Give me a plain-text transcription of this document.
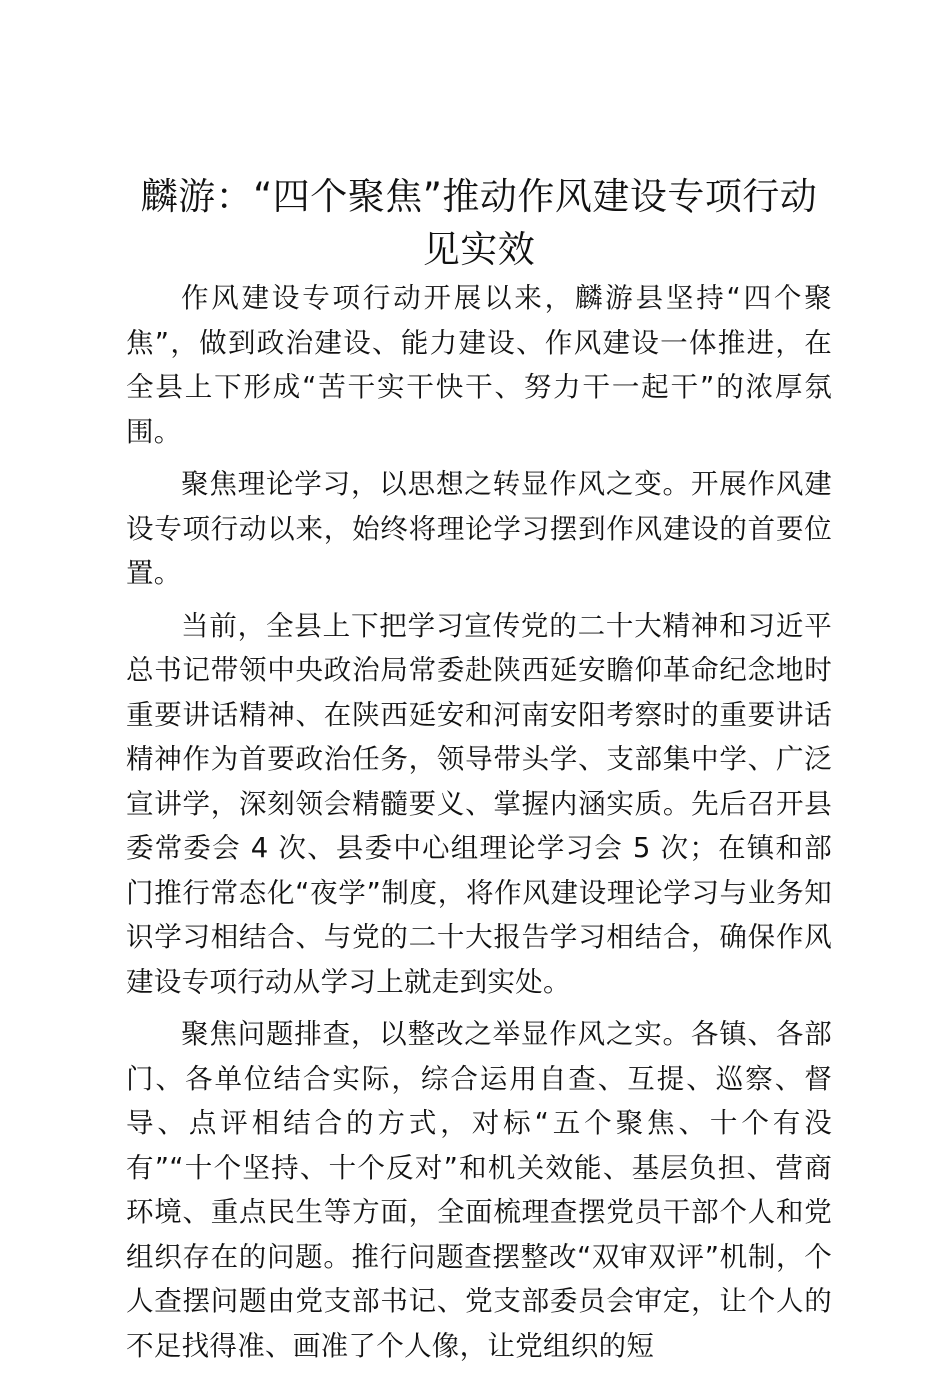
麟游：“四个聚焦”推动作风建设专项行动见实效

作风建设专项行动开展以来，麟游县坚持“四个聚焦”，做到政治建设、能力建设、作风建设一体推进，在全县上下形成“苦干实干快干、努力干一起干”的浓厚氛围。

聚焦理论学习，以思想之转显作风之变。开展作风建设专项行动以来，始终将理论学习摆到作风建设的首要位置。

当前，全县上下把学习宣传党的二十大精神和习近平总书记带领中央政治局常委赴陕西延安瞻仰革命纪念地时重要讲话精神、在陕西延安和河南安阳考察时的重要讲话精神作为首要政治任务，领导带头学、支部集中学、广泛宣讲学，深刻领会精髓要义、掌握内涵实质。先后召开县委常委会 4 次、县委中心组理论学习会 5 次；在镇和部门推行常态化“夜学”制度，将作风建设理论学习与业务知识学习相结合、与党的二十大报告学习相结合，确保作风建设专项行动从学习上就走到实处。

聚焦问题排查，以整改之举显作风之实。各镇、各部门、各单位结合实际，综合运用自查、互提、巡察、督导、点评相结合的方式，对标“五个聚焦、十个有没有”“十个坚持、十个反对”和机关效能、基层负担、营商环境、重点民生等方面，全面梳理查摆党员干部个人和党组织存在的问题。推行问题查摆整改“双审双评”机制，个人查摆问题由党支部书记、党支部委员会审定，让个人的不足找得准、画准了个人像，让党组织的短
